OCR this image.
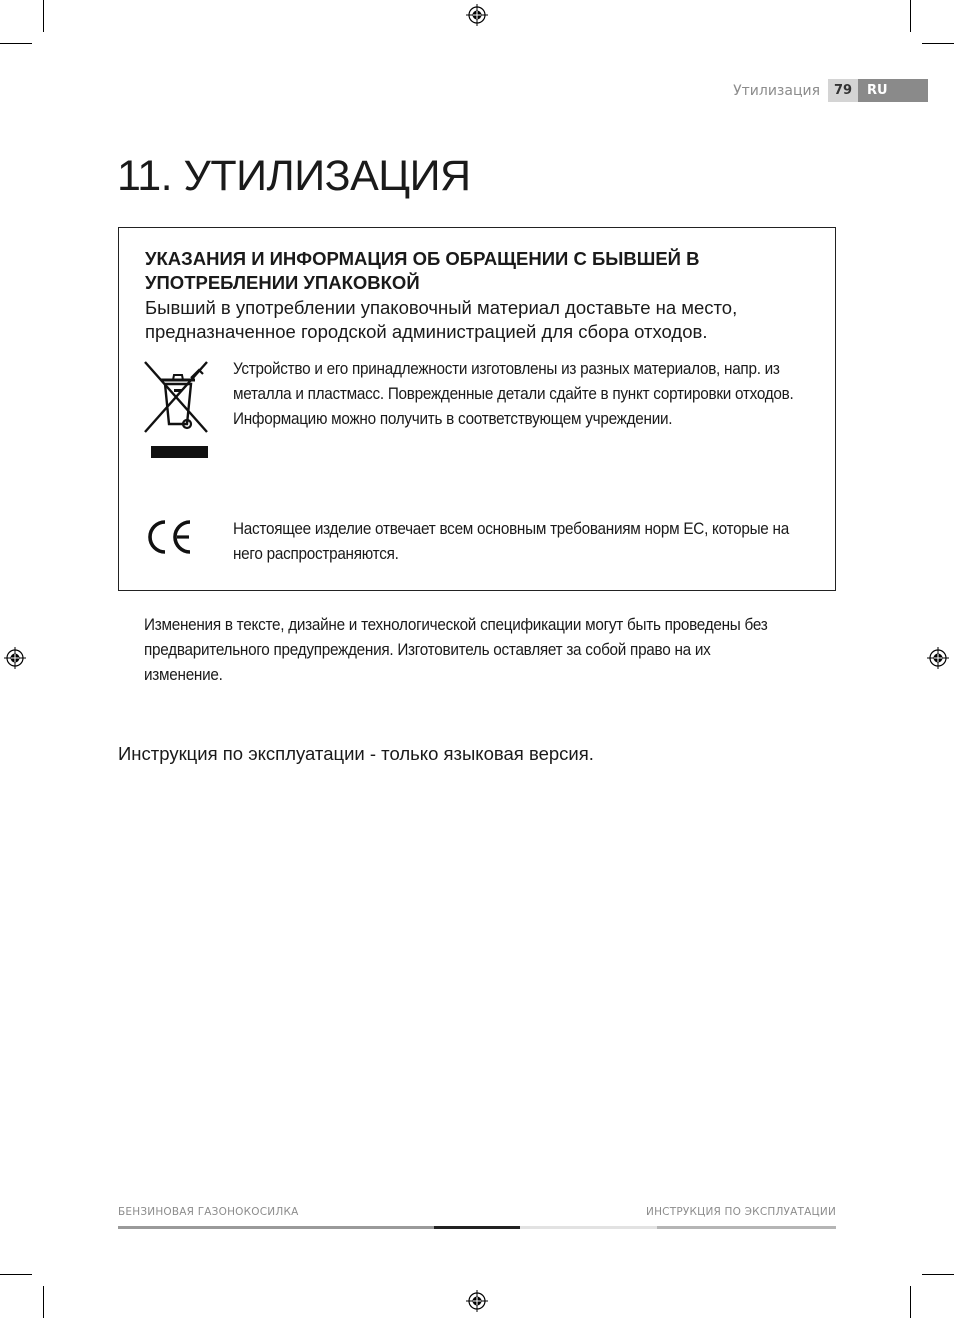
Утилизация	79	RU
11. УТИЛИЗАЦИЯ
УКАЗАНИЯ И ИНФОРМАЦИЯ ОБ ОБРАЩЕНИИ С БЫВШЕЙ В УПОТРЕБЛЕНИИ УПАКОВКОЙ
Бывший в употреблении упаковочный материал доставьте на место, предназначенное городской администрацией для сбора отходов.
Устройство и его принадлежности изготовлены из разных материалов, напр. из металла и пластмасс. Поврежденные детали сдайте в пункт сортировки отходов. Информацию можно получить в соответствующем учреждении.
Настоящее изделие отвечает всем основным требованиям норм ЕС, которые на него распространяются.
Изменения в тексте, дизайне и технологической спецификации могут быть проведены без предварительного предупреждения. Изготовитель оставляет за собой право на их изменение.
Инструкция по эксплуатации - только языковая версия.
БЕНЗИНОВАЯ ГАЗОНОКОСИЛКА	ИНСТРУКЦИЯ ПО ЭКСПЛУАТАЦИИ
